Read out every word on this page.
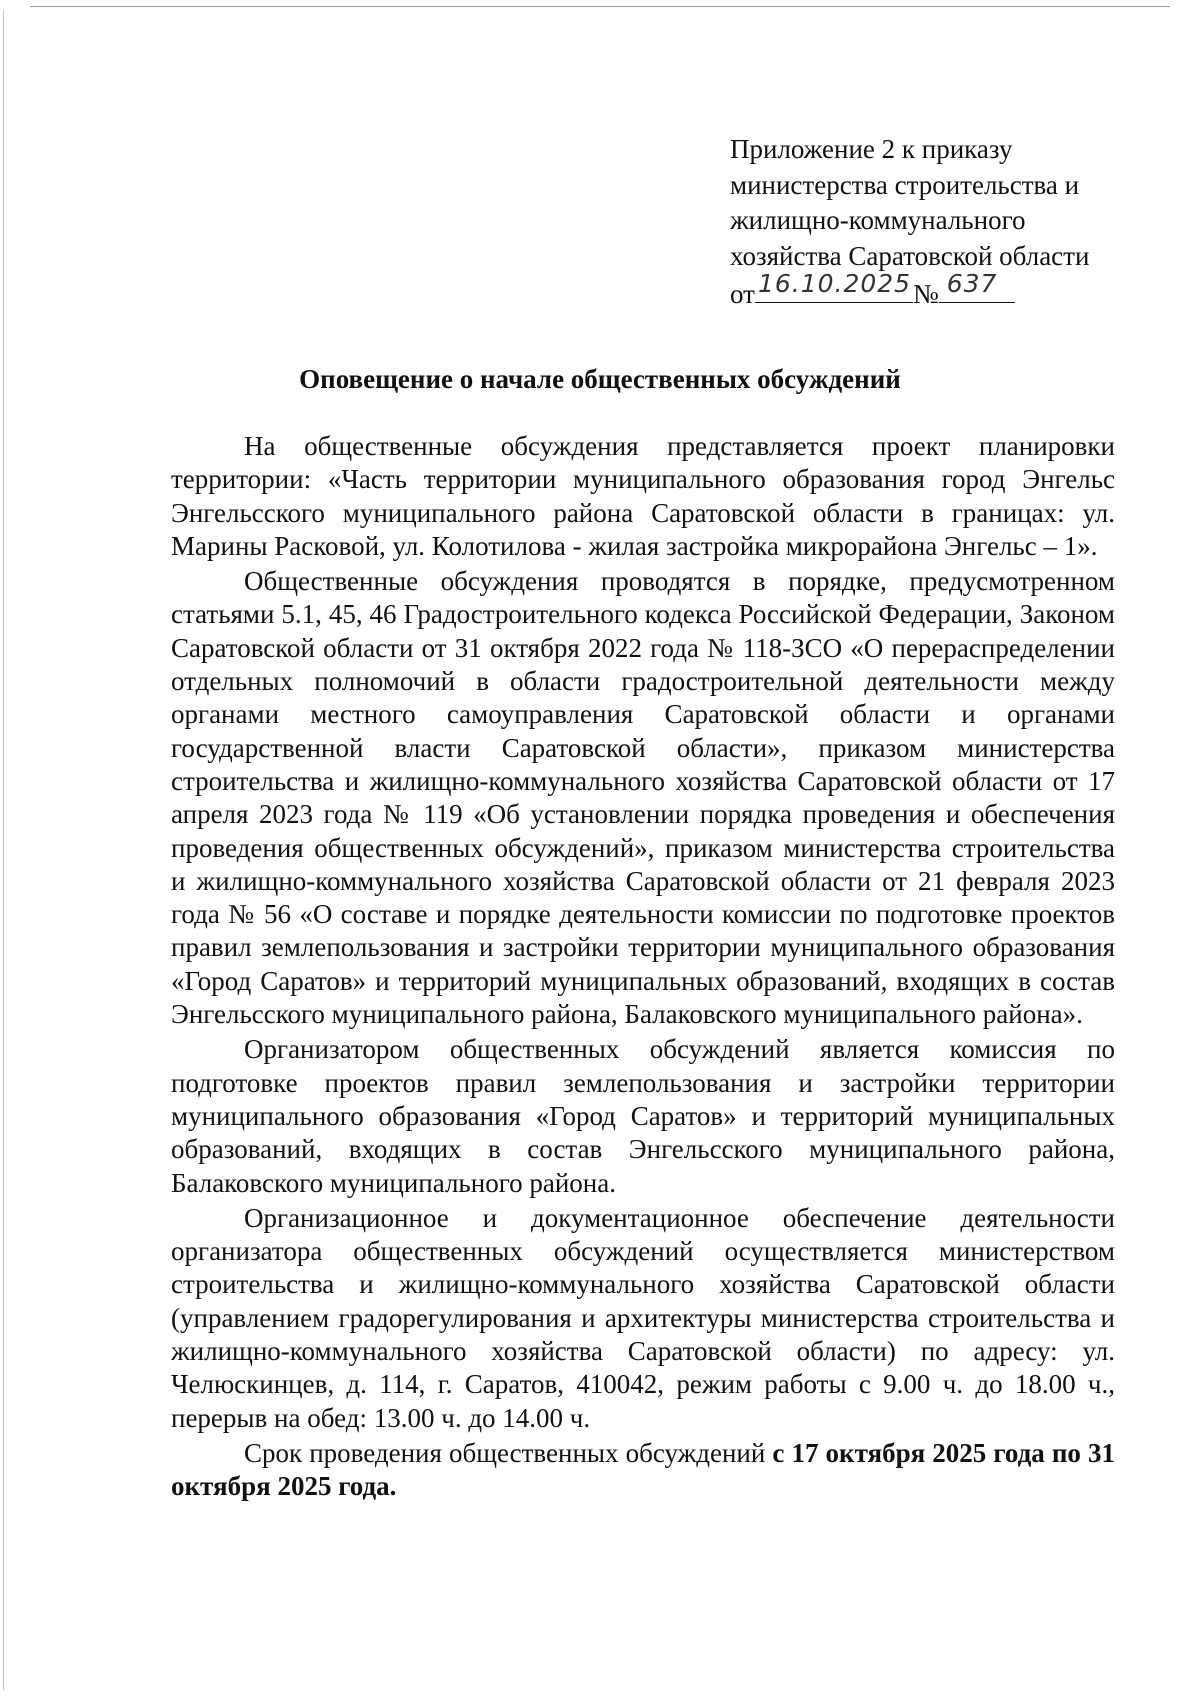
Приложение 2 к приказу
министерства строительства и
жилищно-коммунального
хозяйства Саратовской области
от 16.10.2025 № 637
Оповещение о начале общественных обсуждений

На общественные обсуждения представляется проект планировки территории: «Часть территории муниципального образования город Энгельс Энгельсского муниципального района Саратовской области в границах: ул. Марины Расковой, ул. Колотилова - жилая застройка микрорайона Энгельс – 1».

Общественные обсуждения проводятся в порядке, предусмотренном статьями 5.1, 45, 46 Градостроительного кодекса Российской Федерации, Законом Саратовской области от 31 октября 2022 года № 118-ЗСО «О перераспределении отдельных полномочий в области градостроительной деятельности между органами местного самоуправления Саратовской области и органами государственной власти Саратовской области», приказом министерства строительства и жилищно-коммунального хозяйства Саратовской области от 17 апреля 2023 года № 119 «Об установлении порядка проведения и обеспечения проведения общественных обсуждений», приказом министерства строительства и жилищно-коммунального хозяйства Саратовской области от 21 февраля 2023 года № 56 «О составе и порядке деятельности комиссии по подготовке проектов правил землепользования и застройки территории муниципального образования «Город Саратов» и территорий муниципальных образований, входящих в состав Энгельсского муниципального района, Балаковского муниципального района».

Организатором общественных обсуждений является комиссия по подготовке проектов правил землепользования и застройки территории муниципального образования «Город Саратов» и территорий муниципальных образований, входящих в состав Энгельсского муниципального района, Балаковского муниципального района.

Организационное и документационное обеспечение деятельности организатора общественных обсуждений осуществляется министерством строительства и жилищно-коммунального хозяйства Саратовской области (управлением градорегулирования и архитектуры министерства строительства и жилищно-коммунального хозяйства Саратовской области) по адресу: ул. Челюскинцев, д. 114, г. Саратов, 410042, режим работы с 9.00 ч. до 18.00 ч., перерыв на обед: 13.00 ч. до 14.00 ч.

Срок проведения общественных обсуждений с 17 октября 2025 года по 31 октября 2025 года.
